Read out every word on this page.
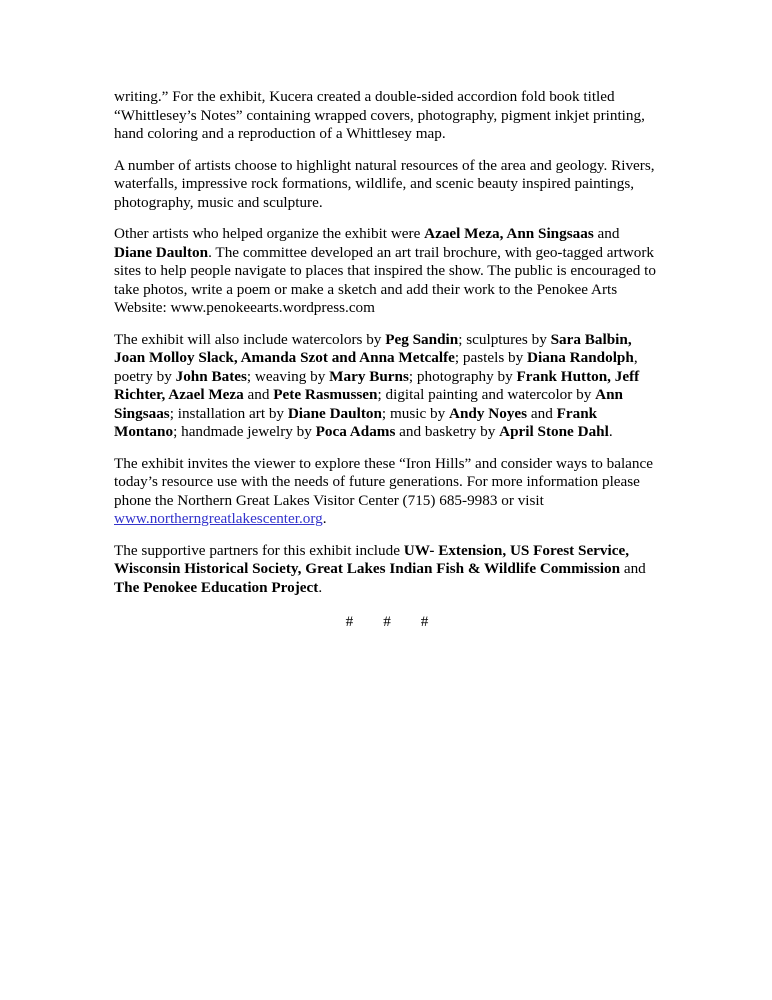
writing.” For the exhibit, Kucera created a double-sided accordion fold book titled
“Whittlesey’s Notes” containing wrapped covers, photography, pigment inkjet printing,
hand coloring and a reproduction of a Whittlesey map.

A number of artists choose to highlight natural resources of the area and geology. Rivers,
waterfalls, impressive rock formations, wildlife, and scenic beauty inspired paintings,
photography, music and sculpture.

Other artists who helped organize the exhibit were Azael Meza, Ann Singsaas and
Diane Daulton. The committee developed an art trail brochure, with geo-tagged artwork
sites to help people navigate to places that inspired the show. The public is encouraged to
take photos, write a poem or make a sketch and add their work to the Penokee Arts
Website: www.penokeearts.wordpress.com

The exhibit will also include watercolors by Peg Sandin; sculptures by Sara Balbin,
Joan Molloy Slack, Amanda Szot and Anna Metcalfe; pastels by Diana Randolph,
poetry by John Bates; weaving by Mary Burns; photography by Frank Hutton, Jeff
Richter, Azael Meza and Pete Rasmussen; digital painting and watercolor by Ann
Singsaas; installation art by Diane Daulton; music by Andy Noyes and Frank
Montano; handmade jewelry by Poca Adams and basketry by April Stone Dahl.

The exhibit invites the viewer to explore these “Iron Hills” and consider ways to balance
today’s resource use with the needs of future generations. For more information please
phone the Northern Great Lakes Visitor Center (715) 685-9983 or visit
www.northerngreatlakescenter.org.

The supportive partners for this exhibit include UW- Extension, US Forest Service,
Wisconsin Historical Society, Great Lakes Indian Fish & Wildlife Commission and
The Penokee Education Project.

# # #
